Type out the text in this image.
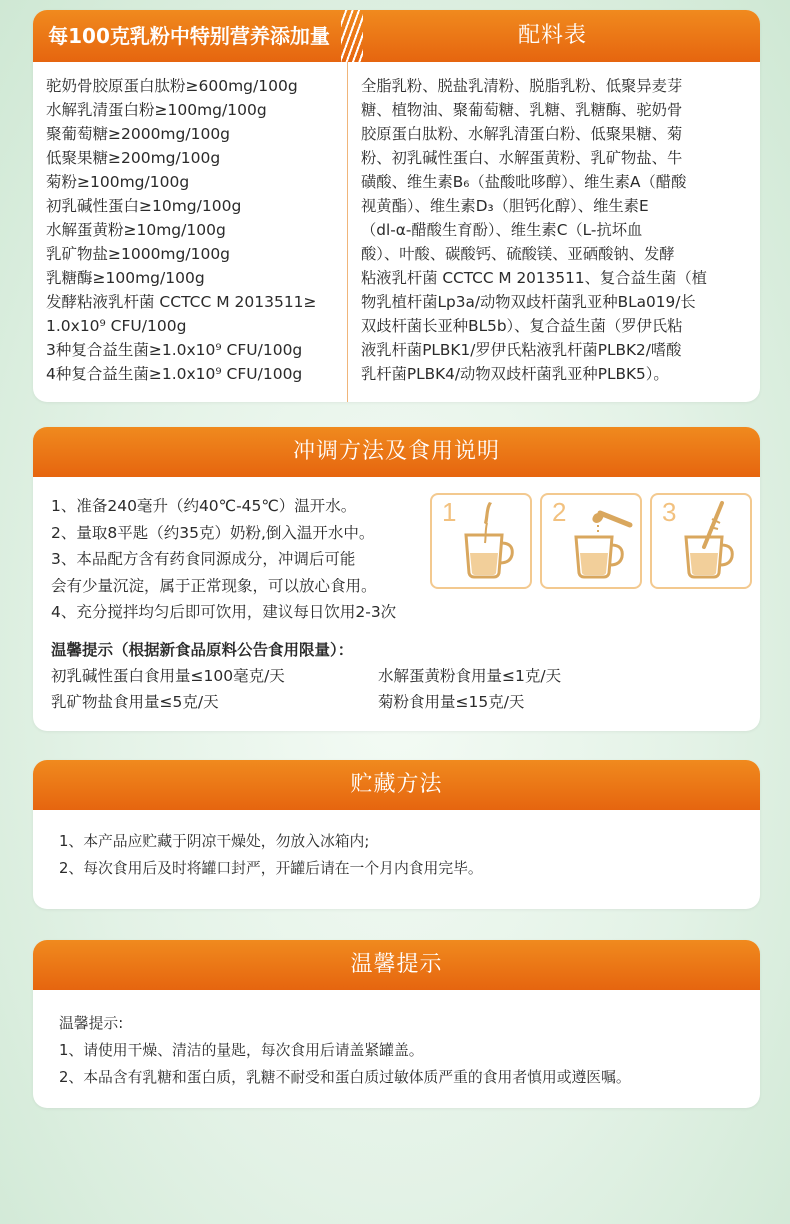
每100克乳粉中特别营养添加量	配料表
驼奶骨胶原蛋白肽粉≥600mg/100g
水解乳清蛋白粉≥100mg/100g
聚葡萄糖≥2000mg/100g
低聚果糖≥200mg/100g
菊粉≥100mg/100g
初乳碱性蛋白≥10mg/100g
水解蛋黄粉≥10mg/100g
乳矿物盐≥1000mg/100g
乳糖酶≥100mg/100g
发酵粘液乳杆菌 CCTCC M 2013511≥
1.0x10⁹ CFU/100g
3种复合益生菌≥1.0x10⁹ CFU/100g
4种复合益生菌≥1.0x10⁹ CFU/100g
全脂乳粉、脱盐乳清粉、脱脂乳粉、低聚异麦芽
糖、植物油、聚葡萄糖、乳糖、乳糖酶、驼奶骨
胶原蛋白肽粉、水解乳清蛋白粉、低聚果糖、菊
粉、初乳碱性蛋白、水解蛋黄粉、乳矿物盐、牛
磺酸、维生素B₆（盐酸吡哆醇）、维生素A（醋酸
视黄酯）、维生素D₃（胆钙化醇）、维生素E
（dl-α-醋酸生育酚）、维生素C（L-抗坏血
酸）、叶酸、碳酸钙、硫酸镁、亚硒酸钠、发酵
粘液乳杆菌 CCTCC M 2013511、复合益生菌（植
物乳植杆菌Lp3a/动物双歧杆菌乳亚种BLa019/长
双歧杆菌长亚种BL5b）、复合益生菌（罗伊氏粘
液乳杆菌PLBK1/罗伊氏粘液乳杆菌PLBK2/嗜酸
乳杆菌PLBK4/动物双歧杆菌乳亚种PLBK5）。
冲调方法及食用说明
1、准备240毫升（约40℃-45℃）温开水。
2、量取8平匙（约35克）奶粉,倒入温开水中。
3、本品配方含有药食同源成分，冲调后可能
会有少量沉淀，属于正常现象，可以放心食用。
4、充分搅拌均匀后即可饮用，建议每日饮用2-3次
1	2	3
温馨提示（根据新食品原料公告食用限量）：
初乳碱性蛋白食用量≤100毫克/天	水解蛋黄粉食用量≤1克/天
乳矿物盐食用量≤5克/天	菊粉食用量≤15克/天
贮藏方法
1、本产品应贮藏于阴凉干燥处，勿放入冰箱内;
2、每次食用后及时将罐口封严，开罐后请在一个月内食用完毕。
温馨提示
温馨提示:
1、请使用干燥、清洁的量匙，每次食用后请盖紧罐盖。
2、本品含有乳糖和蛋白质，乳糖不耐受和蛋白质过敏体质严重的食用者慎用或遵医嘱。
